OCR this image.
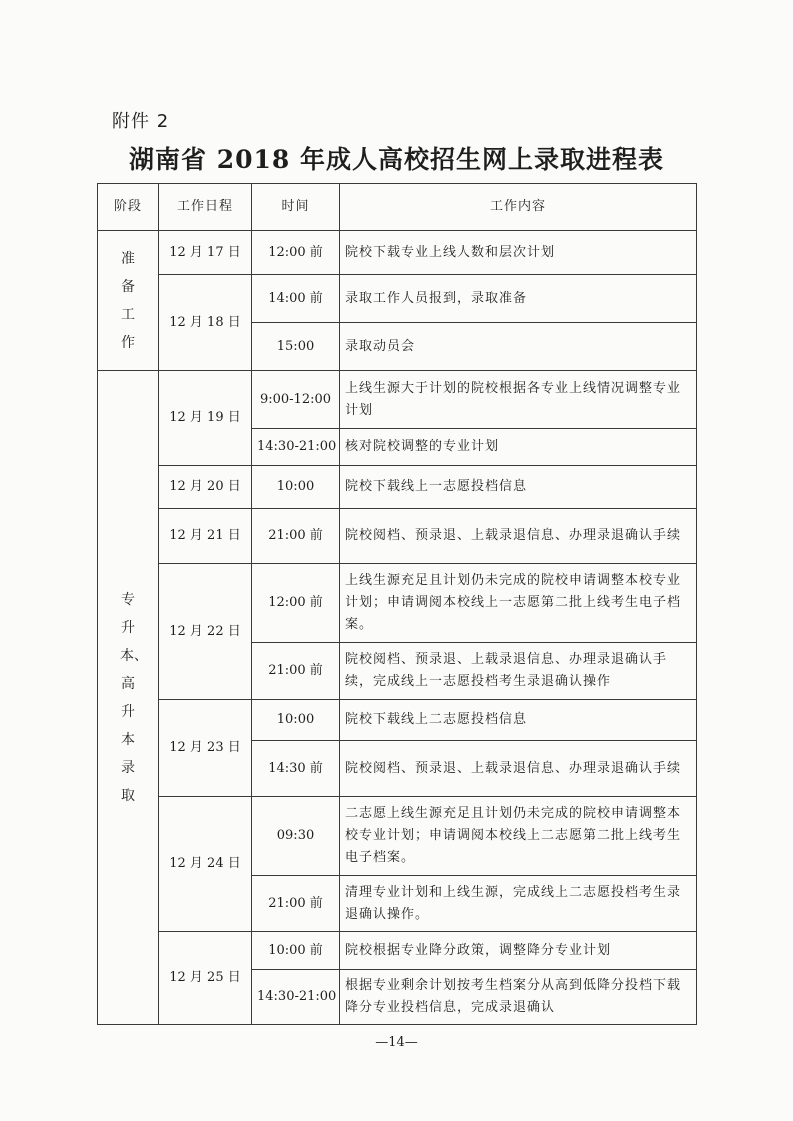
附件 2
湖南省 2018 年成人高校招生网上录取进程表
阶段	工作日程	时间	工作内容
准备工作	12 月 17 日	12:00 前	院校下载专业上线人数和层次计划
	12 月 18 日	14:00 前	录取工作人员报到，录取准备
		15:00	录取动员会
专升本、高升本录取	12 月 19 日	9:00-12:00	上线生源大于计划的院校根据各专业上线情况调整专业计划
		14:30-21:00	核对院校调整的专业计划
	12 月 20 日	10:00	院校下载线上一志愿投档信息
	12 月 21 日	21:00 前	院校阅档、预录退、上载录退信息、办理录退确认手续
	12 月 22 日	12:00 前	上线生源充足且计划仍未完成的院校申请调整本校专业计划；申请调阅本校线上一志愿第二批上线考生电子档案。
		21:00 前	院校阅档、预录退、上载录退信息、办理录退确认手续，完成线上一志愿投档考生录退确认操作
	12 月 23 日	10:00	院校下载线上二志愿投档信息
		14:30 前	院校阅档、预录退、上载录退信息、办理录退确认手续
	12 月 24 日	09:30	二志愿上线生源充足且计划仍未完成的院校申请调整本校专业计划；申请调阅本校线上二志愿第二批上线考生电子档案。
		21:00 前	清理专业计划和上线生源，完成线上二志愿投档考生录退确认操作。
	12 月 25 日	10:00 前	院校根据专业降分政策，调整降分专业计划
		14:30-21:00	根据专业剩余计划按考生档案分从高到低降分投档下载降分专业投档信息，完成录退确认
—14—
